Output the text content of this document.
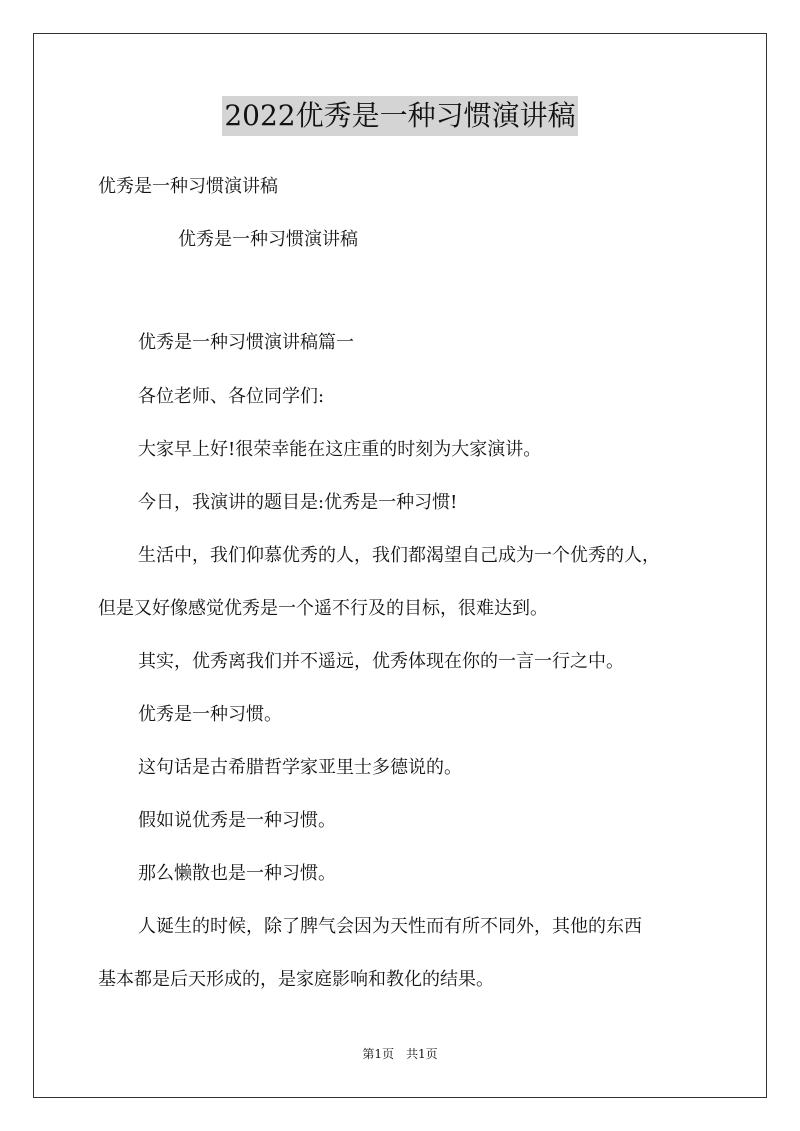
2022优秀是一种习惯演讲稿
优秀是一种习惯演讲稿
优秀是一种习惯演讲稿
优秀是一种习惯演讲稿篇一
各位老师、各位同学们:
大家早上好!很荣幸能在这庄重的时刻为大家演讲。
今日，我演讲的题目是:优秀是一种习惯!
生活中，我们仰慕优秀的人，我们都渴望自己成为一个优秀的人，
但是又好像感觉优秀是一个遥不行及的目标，很难达到。
其实，优秀离我们并不遥远，优秀体现在你的一言一行之中。
优秀是一种习惯。
这句话是古希腊哲学家亚里士多德说的。
假如说优秀是一种习惯。
那么懒散也是一种习惯。
人诞生的时候，除了脾气会因为天性而有所不同外，其他的东西
基本都是后天形成的，是家庭影响和教化的结果。
第1页　共1页
